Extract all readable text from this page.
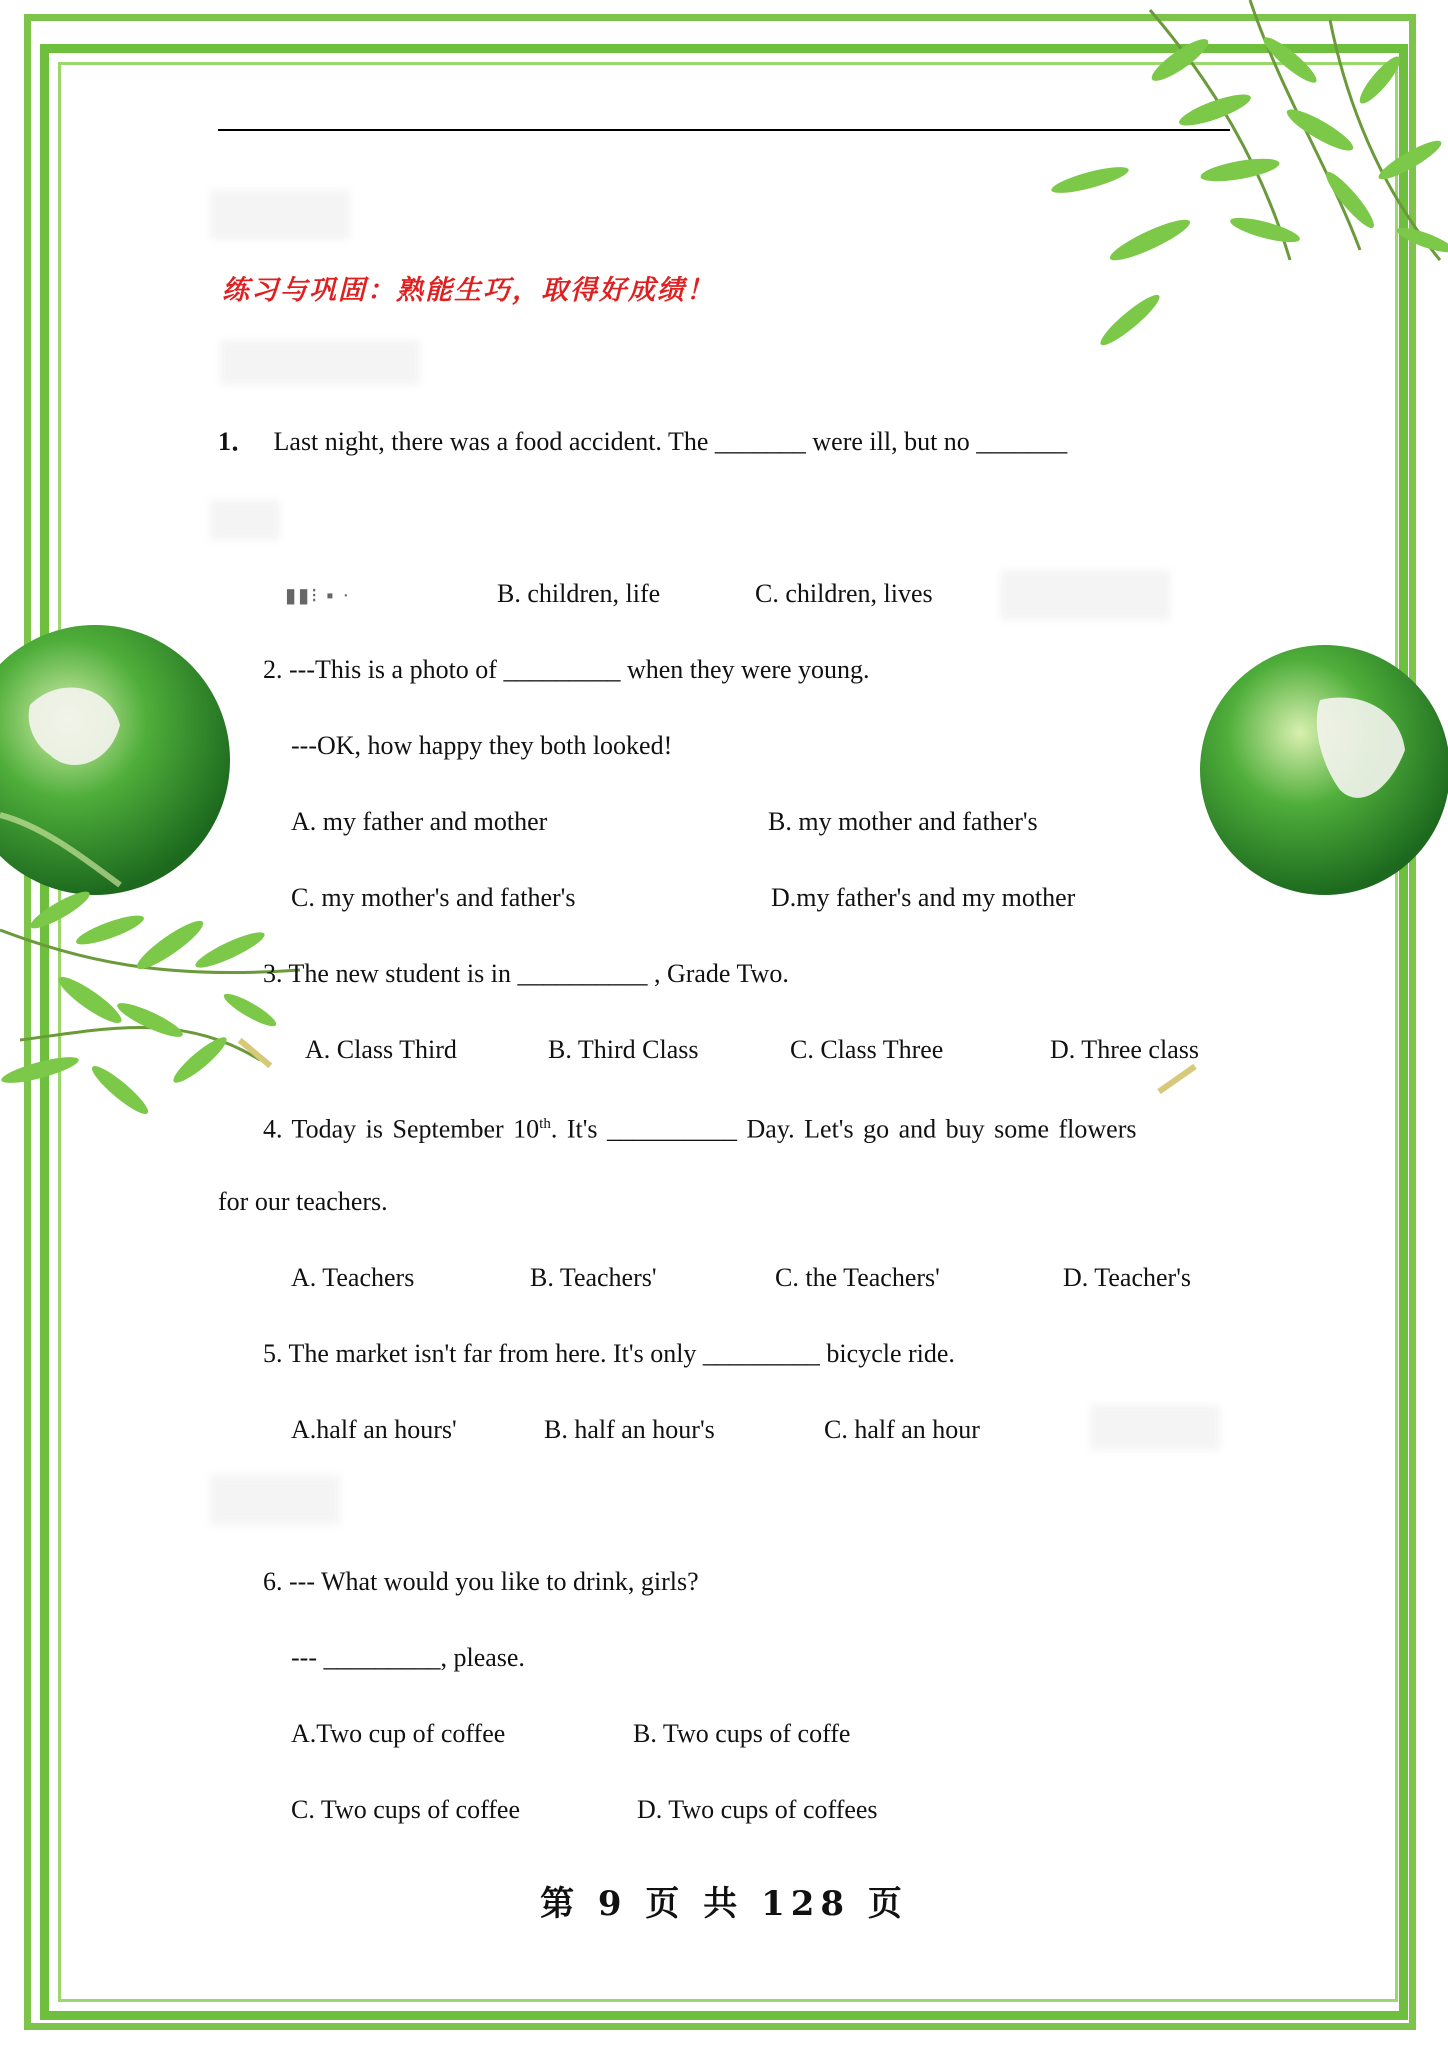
练习与巩固：熟能生巧，取得好成绩！
1． Last night, there was a food accident. The _______ were ill, but no _______
▮▮⁝ ▪ ·	B. children, life	C. children, lives
2. ---This is a photo of _________ when they were young.
---OK, how happy they both looked!
A. my father and mother	B. my mother and father's
C. my mother's and father's	D.my father's and my mother
3. The new student is in __________ , Grade Two.
A. Class Third	B. Third Class	C. Class Three	D. Three class
4. Today is September 10th. It's __________ Day. Let's go and buy some flowers
for our teachers.
A. Teachers	B. Teachers'	C. the Teachers'	D. Teacher's
5. The market isn't far from here. It's only _________ bicycle ride.
A.half an hours'	B. half an hour's	C. half an hour
6. --- What would you like to drink, girls?
--- _________, please.
A.Two cup of coffee	B. Two cups of coffe
C. Two cups of coffee	D. Two cups of coffees
第 9 页 共 128 页
